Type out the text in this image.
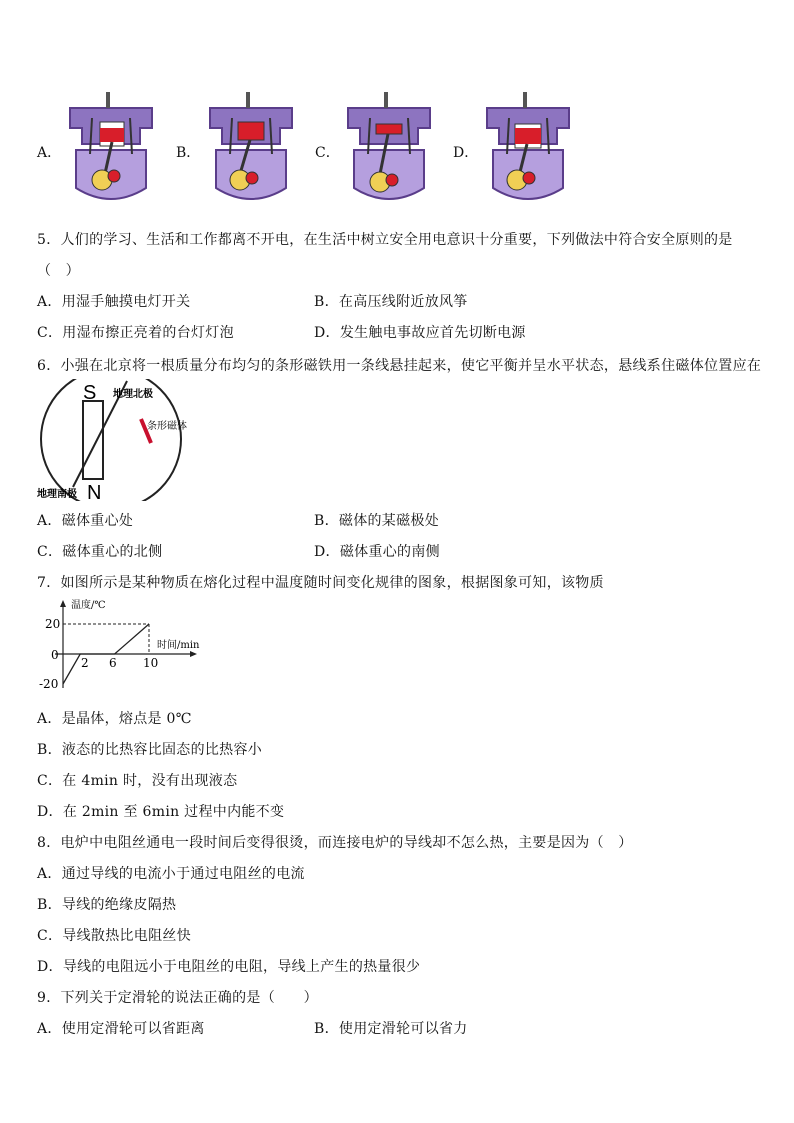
A．	B．	C．	D．
5．人们的学习、生活和工作都离不开电，在生活中树立安全用电意识十分重要，下列做法中符合安全原则的是
（　）
A．用湿手触摸电灯开关	B．在高压线附近放风筝
C．用湿布擦正亮着的台灯灯泡	D．发生触电事故应首先切断电源
6．小强在北京将一根质量分布均匀的条形磁铁用一条线悬挂起来，使它平衡并呈水平状态，悬线系住磁体位置应在
S
N
地理北极
地理南极
条形磁体
A．磁体重心处	B．磁体的某磁极处
C．磁体重心的北侧	D．磁体重心的南侧
7．如图所示是某种物质在熔化过程中温度随时间变化规律的图象，根据图象可知，该物质
温度/℃
时间/min
20
0
-20
2 6 10
A．是晶体，熔点是 0℃
B．液态的比热容比固态的比热容小
C．在 4min 时，没有出现液态
D．在 2min 至 6min 过程中内能不变
8．电炉中电阻丝通电一段时间后变得很烫，而连接电炉的导线却不怎么热，主要是因为（　）
A．通过导线的电流小于通过电阻丝的电流
B．导线的绝缘皮隔热
C．导线散热比电阻丝快
D．导线的电阻远小于电阻丝的电阻，导线上产生的热量很少
9．下列关于定滑轮的说法正确的是（　　）
A．使用定滑轮可以省距离	B．使用定滑轮可以省力
